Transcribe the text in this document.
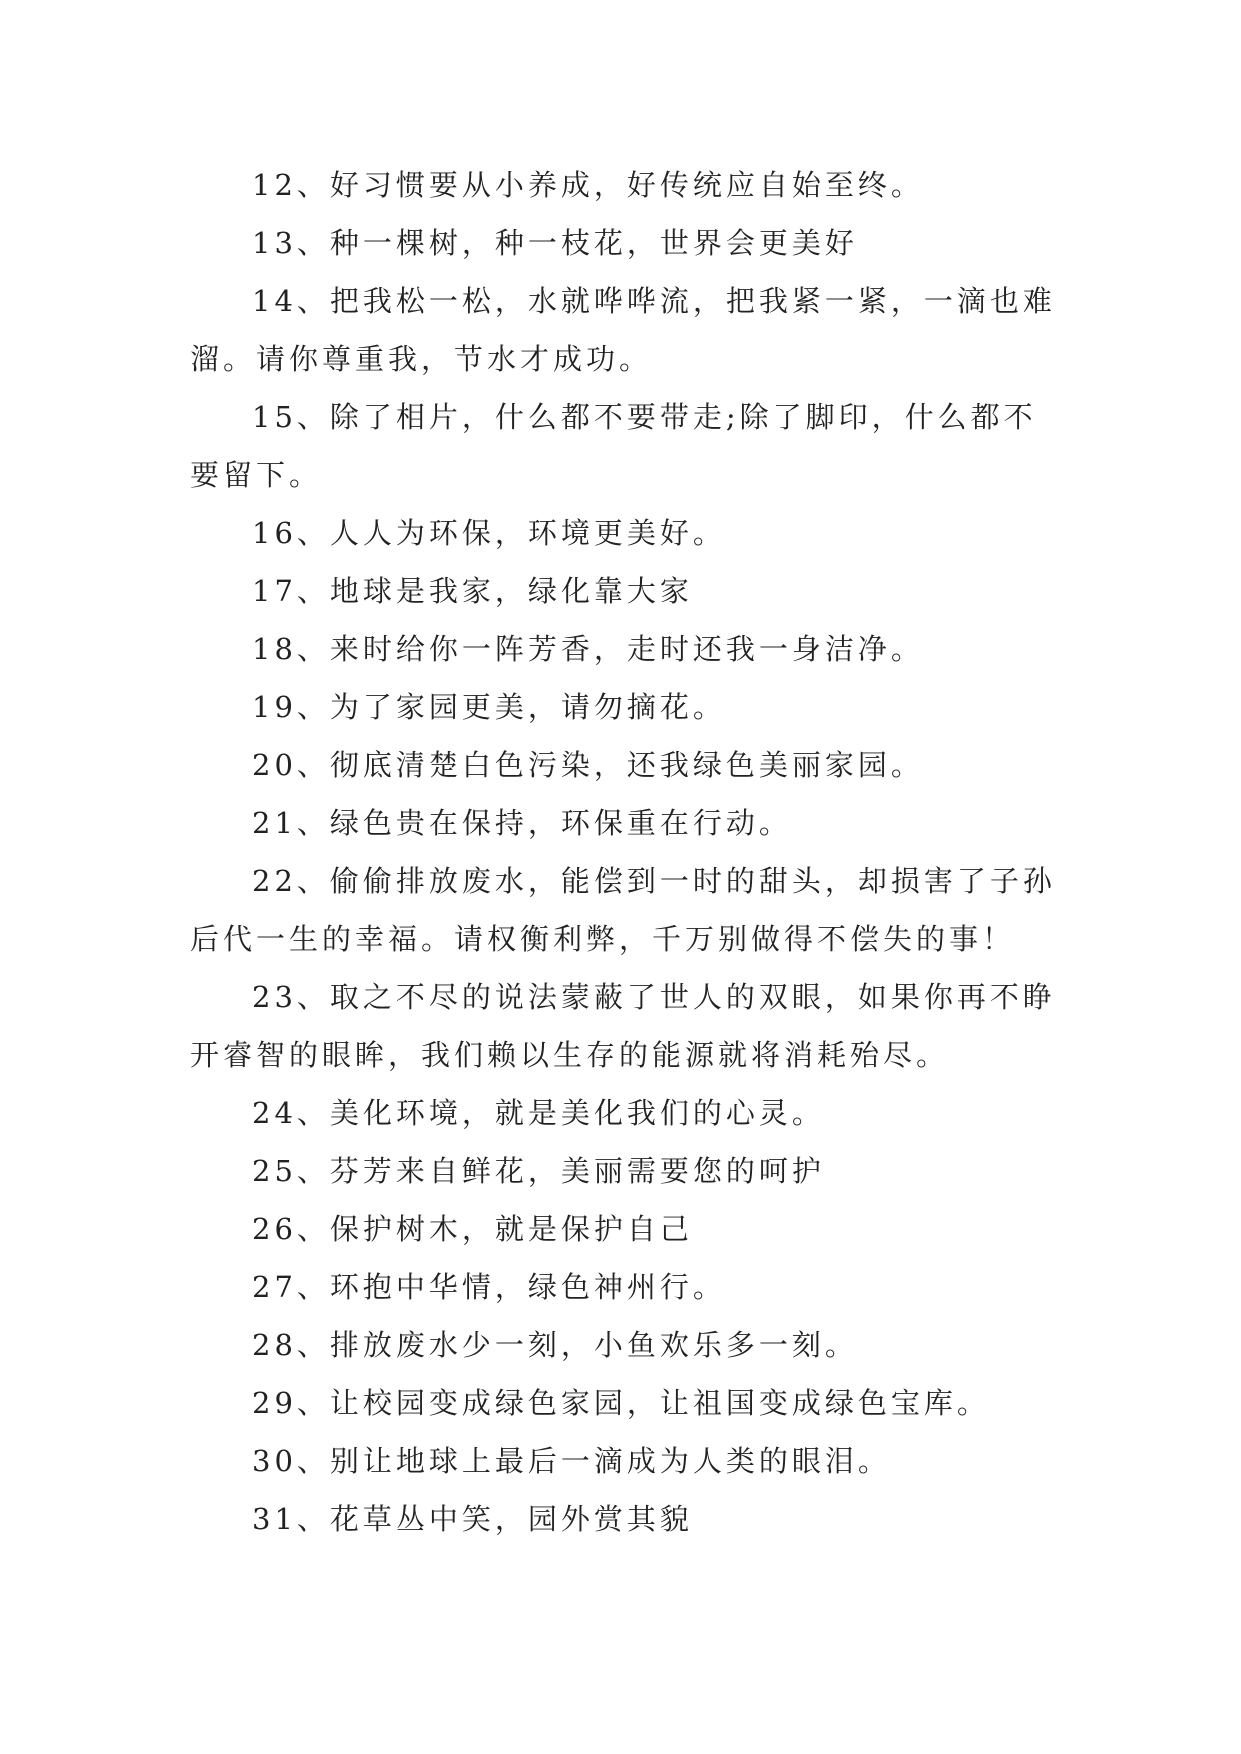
12、好习惯要从小养成，好传统应自始至终。

13、种一棵树，种一枝花，世界会更美好

14、把我松一松，水就哗哗流，把我紧一紧，一滴也难溜。请你尊重我，节水才成功。

15、除了相片，什么都不要带走;除了脚印，什么都不要留下。

16、人人为环保，环境更美好。

17、地球是我家，绿化靠大家

18、来时给你一阵芳香，走时还我一身洁净。

19、为了家园更美，请勿摘花。

20、彻底清楚白色污染，还我绿色美丽家园。

21、绿色贵在保持，环保重在行动。

22、偷偷排放废水，能偿到一时的甜头，却损害了子孙后代一生的幸福。请权衡利弊，千万别做得不偿失的事！

23、取之不尽的说法蒙蔽了世人的双眼，如果你再不睁开睿智的眼眸，我们赖以生存的能源就将消耗殆尽。

24、美化环境，就是美化我们的心灵。

25、芬芳来自鲜花，美丽需要您的呵护

26、保护树木，就是保护自己

27、环抱中华情，绿色神州行。

28、排放废水少一刻，小鱼欢乐多一刻。

29、让校园变成绿色家园，让祖国变成绿色宝库。

30、别让地球上最后一滴成为人类的眼泪。

31、花草丛中笑，园外赏其貌
